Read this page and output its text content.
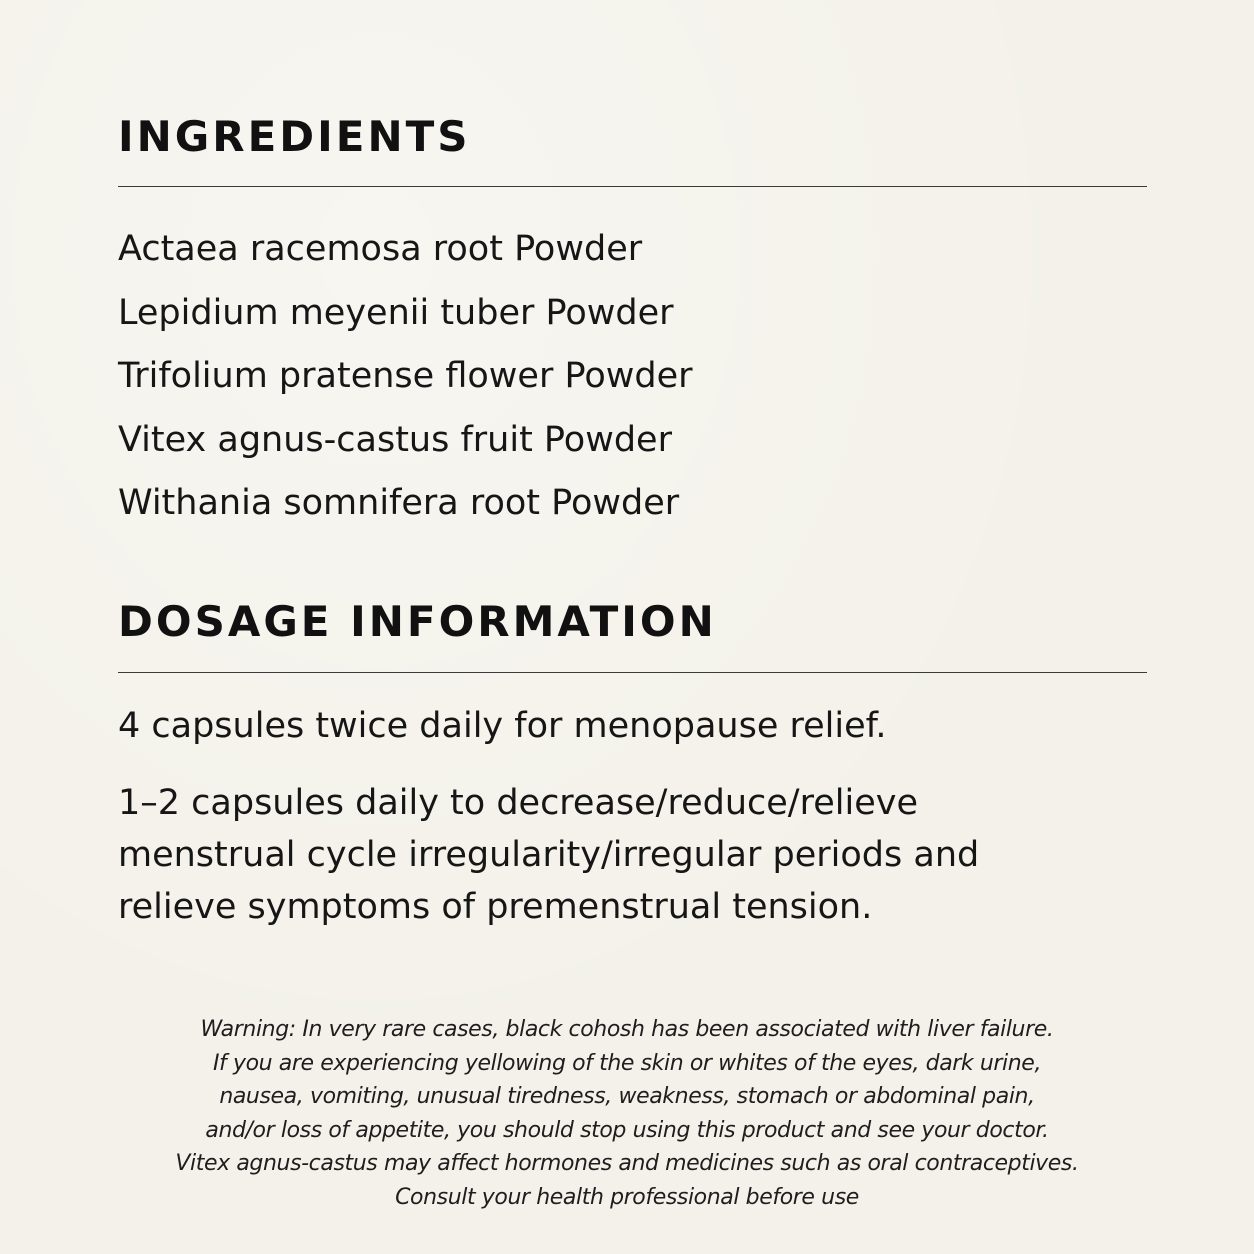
INGREDIENTS
Actaea racemosa root Powder
Lepidium meyenii tuber Powder
Trifolium pratense flower Powder
Vitex agnus-castus fruit Powder
Withania somnifera root Powder
DOSAGE INFORMATION

4 capsules twice daily for menopause relief.

1–2 capsules daily to decrease/reduce/relieve
menstrual cycle irregularity/irregular periods and
relieve symptoms of premenstrual tension.

Warning: In very rare cases, black cohosh has been associated with liver failure.
If you are experiencing yellowing of the skin or whites of the eyes, dark urine,
nausea, vomiting, unusual tiredness, weakness, stomach or abdominal pain,
and/or loss of appetite, you should stop using this product and see your doctor.
Vitex agnus-castus may affect hormones and medicines such as oral contraceptives.
Consult your health professional before use
